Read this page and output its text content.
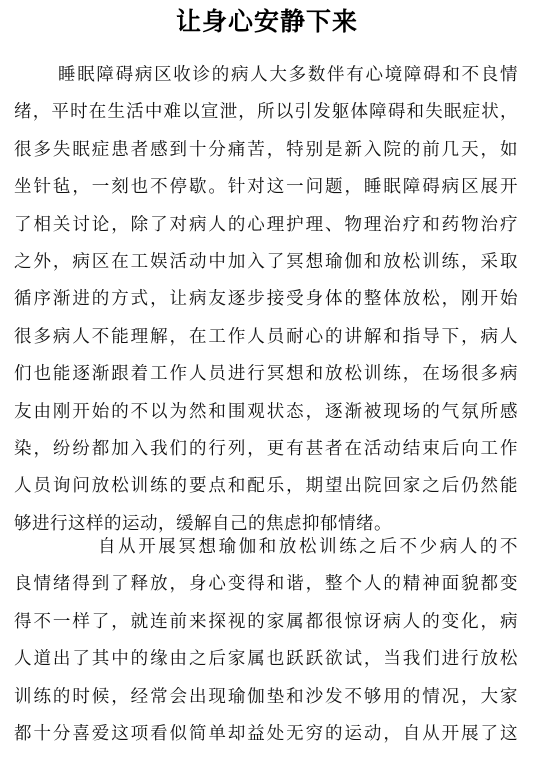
让身心安静下来
睡眠障碍病区收诊的病人大多数伴有心境障碍和不良情
绪，平时在生活中难以宣泄，所以引发躯体障碍和失眠症状，
很多失眠症患者感到十分痛苦，特别是新入院的前几天，如
坐针毡，一刻也不停歇。针对这一问题，睡眠障碍病区展开
了相关讨论，除了对病人的心理护理、物理治疗和药物治疗
之外，病区在工娱活动中加入了冥想瑜伽和放松训练，采取
循序渐进的方式，让病友逐步接受身体的整体放松，刚开始
很多病人不能理解，在工作人员耐心的讲解和指导下，病人
们也能逐渐跟着工作人员进行冥想和放松训练，在场很多病
友由刚开始的不以为然和围观状态，逐渐被现场的气氛所感
染，纷纷都加入我们的行列，更有甚者在活动结束后向工作
人员询问放松训练的要点和配乐，期望出院回家之后仍然能
够进行这样的运动，缓解自己的焦虑抑郁情绪。
自从开展冥想瑜伽和放松训练之后不少病人的不
良情绪得到了释放，身心变得和谐，整个人的精神面貌都变
得不一样了，就连前来探视的家属都很惊讶病人的变化，病
人道出了其中的缘由之后家属也跃跃欲试，当我们进行放松
训练的时候，经常会出现瑜伽垫和沙发不够用的情况，大家
都十分喜爱这项看似简单却益处无穷的运动，自从开展了这
